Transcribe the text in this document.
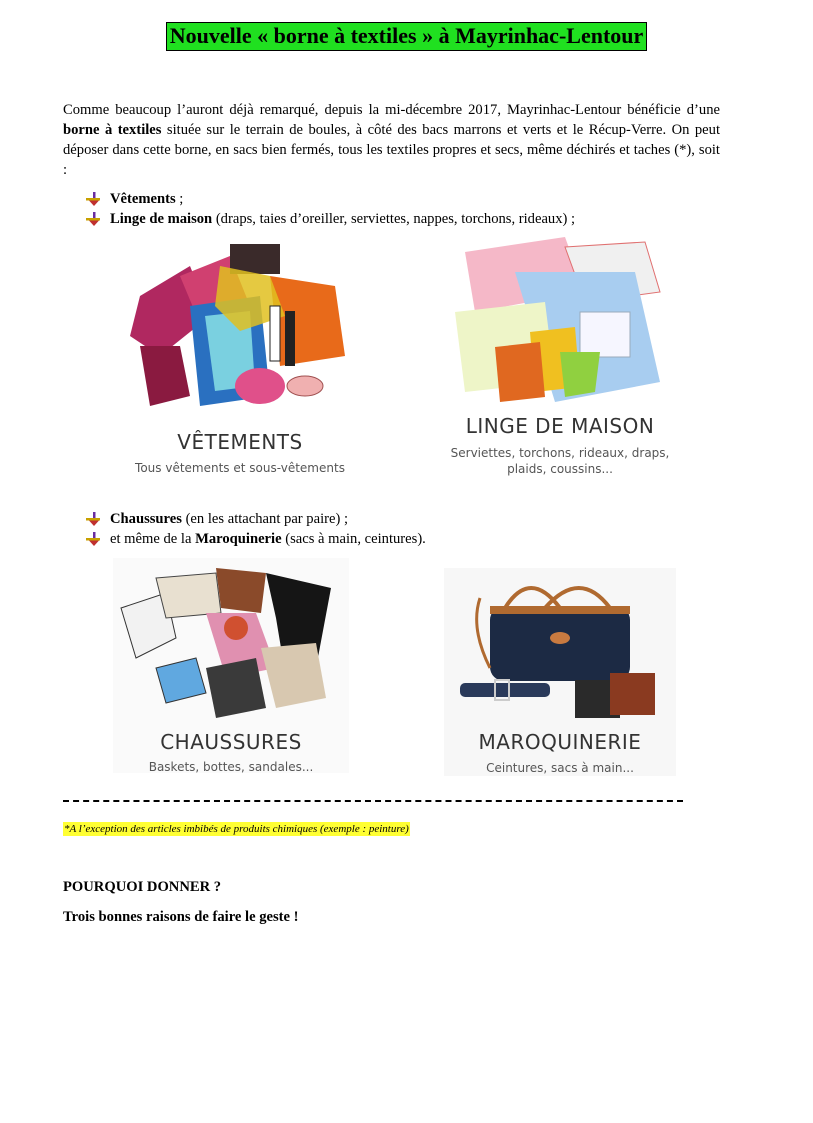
Nouvelle « borne à textiles » à Mayrinhac-Lentour

Comme beaucoup l’auront déjà remarqué, depuis la mi-décembre 2017, Mayrinhac-Lentour bénéficie d’une borne à textiles située sur le terrain de boules, à côté des bacs marrons et verts et le Récup-Verre. On peut déposer dans cette borne, en sacs bien fermés, tous les textiles propres et secs, même déchirés et taches (*), soit :

Vêtements ;
Linge de maison (draps, taies d’oreiller, serviettes, nappes, torchons, rideaux) ;
VÊTEMENTS
Tous vêtements et sous-vêtements
LINGE DE MAISON
Serviettes, torchons, rideaux, draps,
plaids, coussins...
Chaussures (en les attachant par paire) ;
et même de la Maroquinerie (sacs à main, ceintures).
CHAUSSURES
Baskets, bottes, sandales...
MAROQUINERIE
Ceintures, sacs à main...
*A l’exception des articles imbibés de produits chimiques (exemple : peinture)
POURQUOI DONNER ?
Trois bonnes raisons de faire le geste !
